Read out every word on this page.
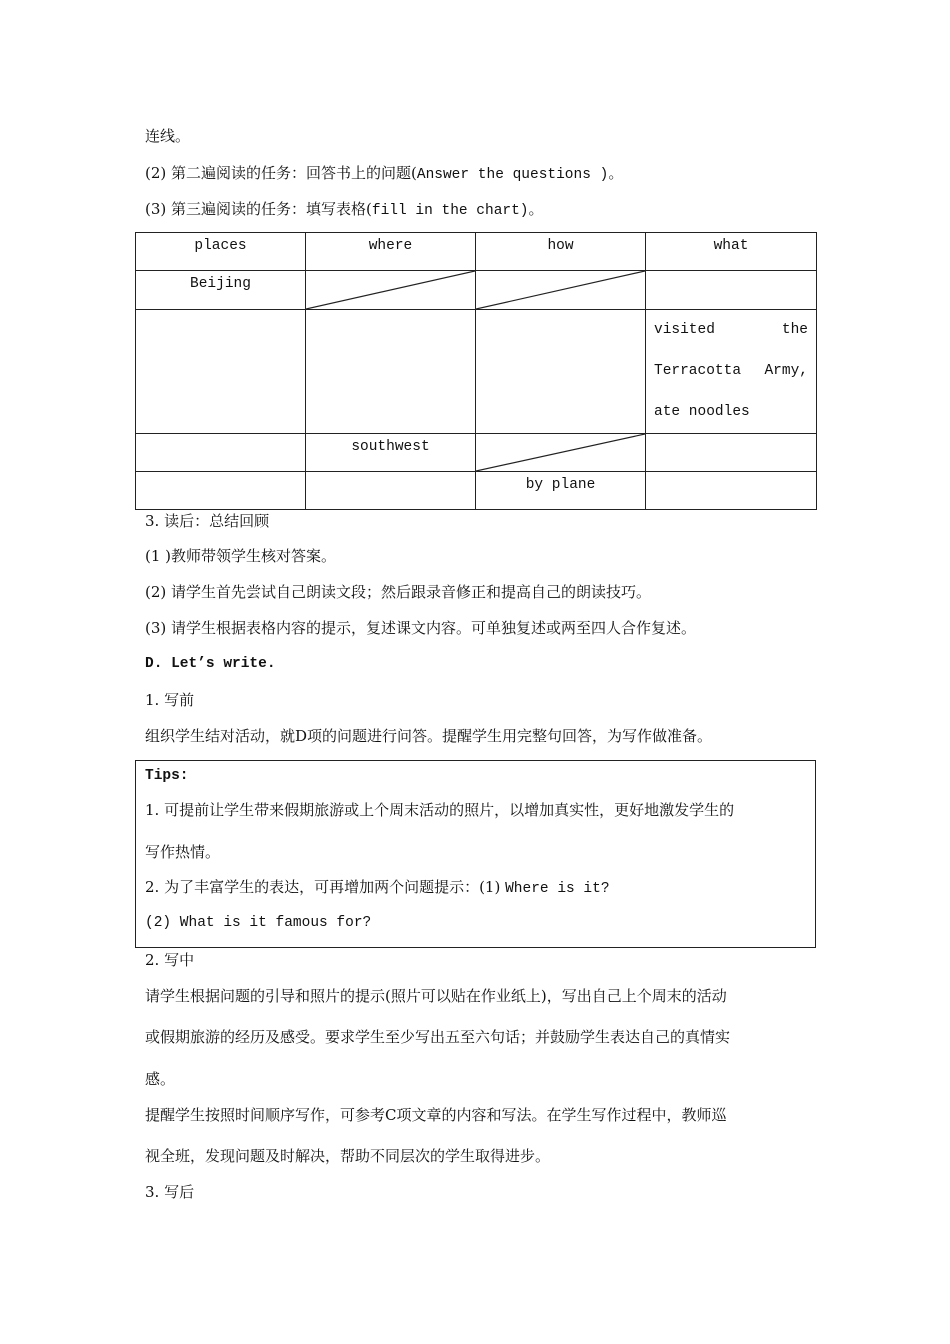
连线。
(2) 第二遍阅读的任务：回答书上的问题(Answer the questions )。
(3) 第三遍阅读的任务：填写表格(fill in the chart)。
places	where	how	what

Beijing

			visited the
Terracotta Army,
ate noodles

	southwest

		by plane	

3. 读后：总结回顾
(1 )教师带领学生核对答案。
(2) 请学生首先尝试自己朗读文段；然后跟录音修正和提高自己的朗读技巧。
(3) 请学生根据表格内容的提示，复述课文内容。可单独复述或两至四人合作复述。
D. Let’s write.
1. 写前
组织学生结对活动，就D项的问题进行问答。提醒学生用完整句回答，为写作做准备。
Tips:
1. 可提前让学生带来假期旅游或上个周末活动的照片，以增加真实性，更好地激发学生的
写作热情。
2. 为了丰富学生的表达，可再增加两个问题提示：(1) Where is it?
(2) What is it famous for?
2. 写中
请学生根据问题的引导和照片的提示(照片可以贴在作业纸上)，写出自己上个周末的活动
或假期旅游的经历及感受。要求学生至少写出五至六句话；并鼓励学生表达自己的真情实
感。
提醒学生按照时间顺序写作，可参考C项文章的内容和写法。在学生写作过程中，教师巡
视全班，发现问题及时解决，帮助不同层次的学生取得进步。
3. 写后
